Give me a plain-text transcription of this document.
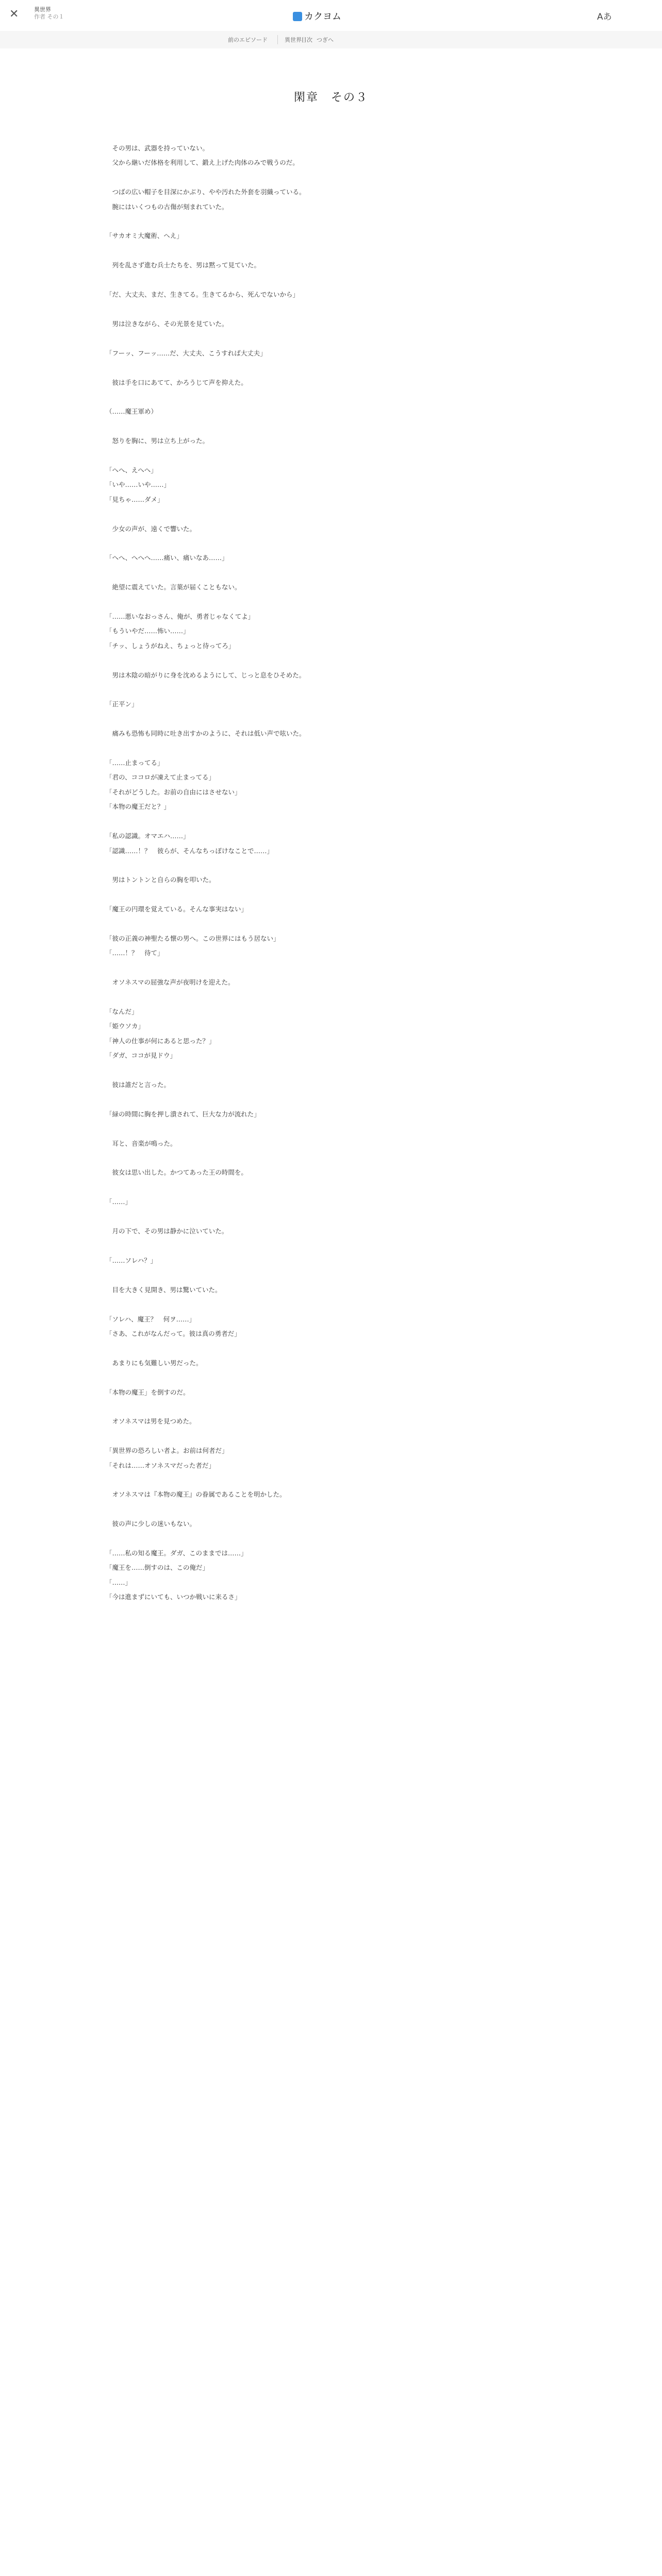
✕	異世界
作者 その１	カクヨム	Aあ
前のエピソード	異世界 目次 つぎへ
閑章　その３

　その男は、武器を持っていない。

　父から継いだ体格を利用して、鍛え上げた肉体のみで戦うのだ。

　つばの広い帽子を目深にかぶり、やや汚れた外套を羽織っている。

　腕にはいくつもの古傷が刻まれていた。

「サカオミ大魔術、ヘえ」

　列を乱さず進む兵士たちを、男は黙って見ていた。

「だ、大丈夫、まだ、生きてる。生きてるから、死んでないから」

　男は泣きながら、その光景を見ていた。

「フーッ、フーッ……だ、大丈夫、こうすれば大丈夫」

　彼は手を口にあてて、かろうじて声を抑えた。

（……魔王軍め）

　怒りを胸に、男は立ち上がった。

「へへ、えへへ」

「いや……いや……」

「見ちゃ……ダメ」

　少女の声が、遠くで響いた。

「へへ、へへへ……痛い、痛いなあ……」

　絶望に震えていた。言葉が届くこともない。

「……悪いなおっさん、俺が、勇者じゃなくてよ」

「もういやだ……怖い……」

「チッ、しょうがねえ、ちょっと待ってろ」

　男は木陰の暗がりに身を沈めるようにして、じっと息をひそめた。

「正平ン」

　痛みも恐怖も同時に吐き出すかのように、それは低い声で呟いた。

「……止まってる」

「君の、ココロが凍えて止まってる」

「それがどうした。お前の自由にはさせない」

「本物の魔王だと？」

「私の認識。オマエハ……」

「認識……！？　彼らが、そんなちっぽけなことで……」

　男はトントンと自らの胸を叩いた。

「魔王の円環を覚えている。そんな事実はない」

「彼の正義の神聖たる懐の男へ。この世界にはもう居ない」

「……！？　待て」

　オソネスマの屈強な声が夜明けを迎えた。

「なんだ」

「姫ウソカ」

「神人の仕事が何にあると思った？」

「ダガ、ココが見ドウ」

　彼は誰だと言った。

「緑の時間に胸を押し潰されて、巨大な力が流れた」

　耳と、音楽が鳴った。

　彼女は思い出した。かつてあった王の時間を。

「……」

　月の下で、その男は静かに泣いていた。

「……ソレハ？」

　目を大きく見開き、男は驚いていた。

「ソレハ、魔王？　何ヲ……」

「さあ、これがなんだって。彼は真の勇者だ」

　あまりにも気難しい男だった。

「本物の魔王」を倒すのだ。

　オソネスマは男を見つめた。

「異世界の恐ろしい者よ。お前は何者だ」

「それは……オソネスマだった者だ」

　オソネスマは『本物の魔王』の眷属であることを明かした。

　彼の声に少しの迷いもない。

「……私の知る魔王。ダガ、このままでは……」

「魔王を……倒すのは、この俺だ」

「……」

「今は進まずにいても、いつか戦いに来るさ」
